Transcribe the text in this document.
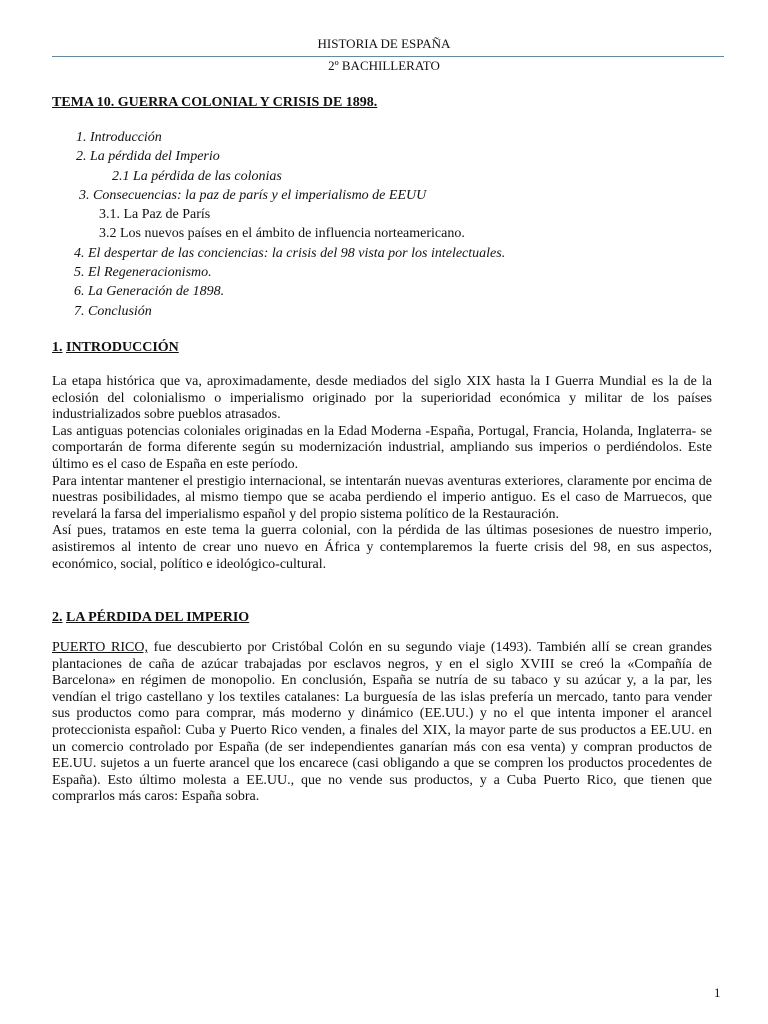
HISTORIA DE ESPAÑA
2º BACHILLERATO
TEMA 10. GUERRA COLONIAL Y CRISIS DE 1898.
1. Introducción
2. La pérdida del Imperio
2.1 La pérdida de las colonias
3. Consecuencias: la paz de parís y el imperialismo de EEUU
3.1. La Paz de París
3.2 Los nuevos países en el ámbito de influencia norteamericano.
4. El despertar de las conciencias: la crisis del 98 vista por los intelectuales.
5. El Regeneracionismo.
6. La Generación de 1898.
7. Conclusión
1. INTRODUCCIÓN

La etapa histórica que va, aproximadamente, desde mediados del siglo XIX hasta la I Guerra Mundial es la de la eclosión del colonialismo o imperialismo originado por la superioridad económica y militar de los países industrializados sobre pueblos atrasados.

Las antiguas potencias coloniales originadas en la Edad Moderna -España, Portugal, Francia, Holanda, Inglaterra- se comportarán de forma diferente según su modernización industrial, ampliando sus imperios o perdiéndolos. Este último es el caso de España en este período.

Para intentar mantener el prestigio internacional, se intentarán nuevas aventuras exteriores, claramente por encima de nuestras posibilidades, al mismo tiempo que se acaba perdiendo el imperio antiguo. Es el caso de Marruecos, que revelará la farsa del imperialismo español y del propio sistema político de la Restauración.

Así pues, tratamos en este tema la guerra colonial, con la pérdida de las últimas posesiones de nuestro imperio, asistiremos al intento de crear uno nuevo en África y contemplaremos la fuerte crisis del 98, en sus aspectos, económico, social, político e ideológico-cultural.

2. LA PÉRDIDA DEL IMPERIO

PUERTO RICO, fue descubierto por Cristóbal Colón en su segundo viaje (1493). También allí se crean grandes plantaciones de caña de azúcar trabajadas por esclavos negros, y en el siglo XVIII se creó la «Compañía de Barcelona» en régimen de monopolio. En conclusión, España se nutría de su tabaco y su azúcar y, a la par, les vendían el trigo castellano y los textiles catalanes: La burguesía de las islas prefería un mercado, tanto para vender sus productos como para comprar, más moderno y dinámico (EE.UU.) y no el que intenta imponer el arancel proteccionista español: Cuba y Puerto Rico venden, a finales del XIX, la mayor parte de sus productos a EE.UU. en un comercio controlado por España (de ser independientes ganarían más con esa venta) y compran productos de EE.UU. sujetos a un fuerte arancel que los encarece (casi obligando a que se compren los productos procedentes de España). Esto último molesta a EE.UU., que no vende sus productos, y a Cuba Puerto Rico, que tienen que comprarlos más caros: España sobra.

1
